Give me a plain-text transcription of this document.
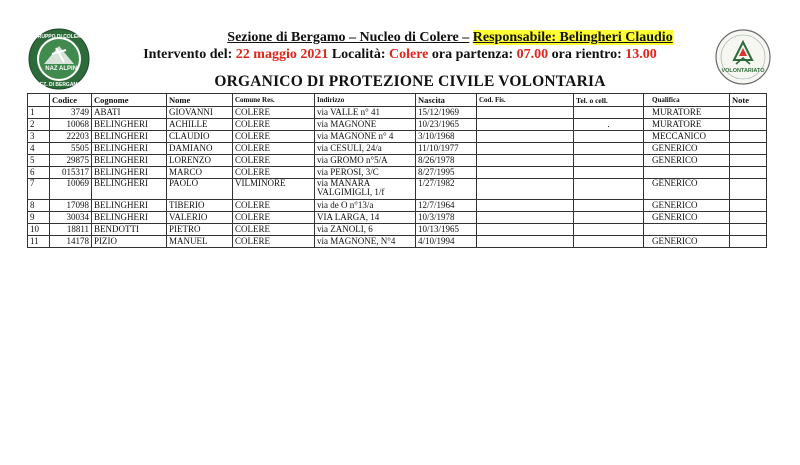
GRUPPO DI COLERE
NAZ ALPINI
SEZ. DI BERGAMO
VOLONTARIATO
Sezione di Bergamo – Nucleo di Colere – Responsabile: Belingheri Claudio
Intervento del: 22 maggio 2021 Località: Colere ora partenza: 07.00 ora rientro: 13.00
ORGANICO DI PROTEZIONE CIVILE VOLONTARIA
	Codice	Cognome	Nome	Comune Res.	Indirizzo	Nascita	Cod. Fis.	Tel. o cell.	Qualifica	Note
1	3749	ABATI	GIOVANNI	COLERE	via VALLE n° 41	15/12/1969			MURATORE	
2	10068	BELINGHERI	ACHILLE	COLERE	via MAGNONE	10/23/1965		.	MURATORE	
3	22203	BELINGHERI	CLAUDIO	COLERE	via MAGNONE n° 4	3/10/1968			MECCANICO	
4	5505	BELINGHERI	DAMIANO	COLERE	via CESULI, 24/a	11/10/1977			GENERICO	
5	29875	BELINGHERI	LORENZO	COLERE	via GROMO n°5/A	8/26/1978			GENERICO	
6	015317	BELINGHERI	MARCO	COLERE	via PEROSI, 3/C	8/27/1995				
7	10069	BELINGHERI	PAOLO	VILMINORE	via MANARA VALGIMIGLI, 1/f	1/27/1982			GENERICO	
8	17098	BELINGHERI	TIBERIO	COLERE	via de O n°13/a	12/7/1964			GENERICO	
9	30034	BELINGHERI	VALERIO	COLERE	VIA LARGA, 14	10/3/1978			GENERICO	
10	18811	BENDOTTI	PIETRO	COLERE	via ZANOLI, 6	10/13/1965				
11	14178	PIZIO	MANUEL	COLERE	via MAGNONE, N°4	4/10/1994			GENERICO	
